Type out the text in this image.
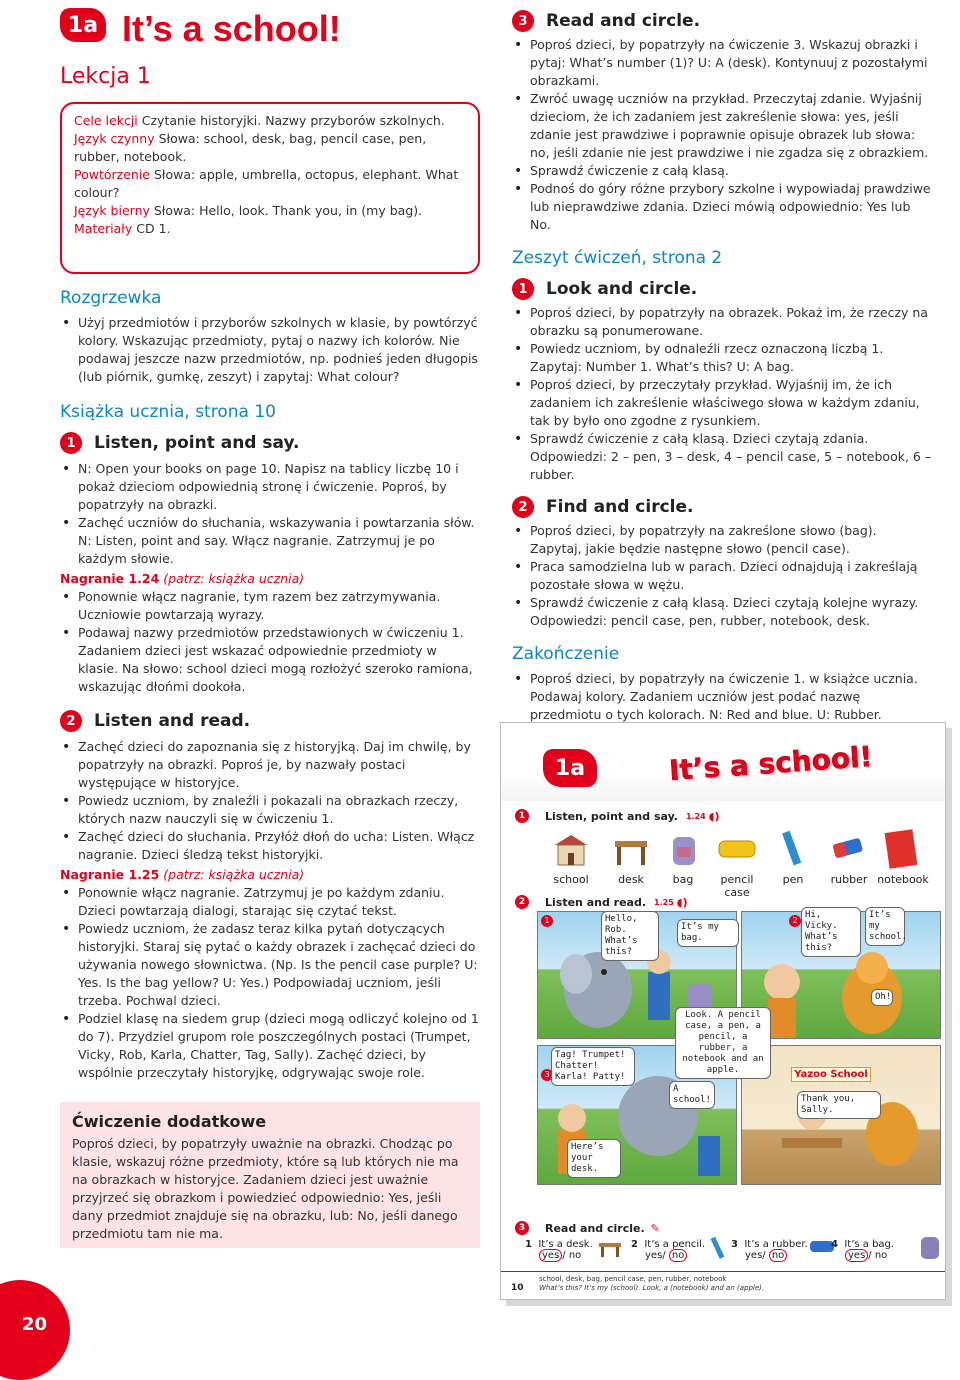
1a It’s a school!
Lekcja 1
Cele lekcji Czytanie historyjki. Nazwy przyborów szkolnych.
Język czynny Słowa: school, desk, bag, pencil case, pen, rubber, notebook.
Powtórzenie Słowa: apple, umbrella, octopus, elephant. What colour?
Język bierny Słowa: Hello, look. Thank you, in (my bag).
Materiały CD 1.
Rozgrzewka
• Użyj przedmiotów i przyborów szkolnych w klasie, by powtórzyć kolory. Wskazując przedmioty, pytaj o nazwy ich kolorów. Nie podawaj jeszcze nazw przedmiotów, np. podnieś jeden długopis (lub piórnik, gumkę, zeszyt) i zapytaj: What colour?
Książka ucznia, strona 10
1	Listen, point and say.
• N: Open your books on page 10. Napisz na tablicy liczbę 10 i pokaż dzieciom odpowiednią stronę i ćwiczenie. Poproś, by popatrzyły na obrazki.
• Zachęć uczniów do słuchania, wskazywania i powtarzania słów. N: Listen, point and say. Włącz nagranie. Zatrzymuj je po każdym słowie.
Nagranie 1.24 (patrz: książka ucznia)
• Ponownie włącz nagranie, tym razem bez zatrzymywania. Uczniowie powtarzają wyrazy.
• Podawaj nazwy przedmiotów przedstawionych w ćwiczeniu 1. Zadaniem dzieci jest wskazać odpowiednie przedmioty w klasie. Na słowo: school dzieci mogą rozłożyć szeroko ramiona, wskazując dłońmi dookoła.
2	Listen and read.
• Zachęć dzieci do zapoznania się z historyjką. Daj im chwilę, by popatrzyły na obrazki. Poproś je, by nazwały postaci występujące w historyjce.
• Powiedz uczniom, by znaleźli i pokazali na obrazkach rzeczy, których nazw nauczyli się w ćwiczeniu 1.
• Zachęć dzieci do słuchania. Przyłóż dłoń do ucha: Listen. Włącz nagranie. Dzieci śledzą tekst historyjki.
Nagranie 1.25 (patrz: książka ucznia)
• Ponownie włącz nagranie. Zatrzymuj je po każdym zdaniu. Dzieci powtarzają dialogi, starając się czytać tekst.
• Powiedz uczniom, że zadasz teraz kilka pytań dotyczących historyjki. Staraj się pytać o każdy obrazek i zachęcać dzieci do używania nowego słownictwa. (Np. Is the pencil case purple? U: Yes. Is the bag yellow? U: Yes.) Podpowiadaj uczniom, jeśli trzeba. Pochwal dzieci.
• Podziel klasę na siedem grup (dzieci mogą odliczyć kolejno od 1 do 7). Przydziel grupom role poszczególnych postaci (Trumpet, Vicky, Rob, Karla, Chatter, Tag, Sally). Zachęć dzieci, by wspólnie przeczytały historyjkę, odgrywając swoje role.
Ćwiczenie dodatkowe
Poproś dzieci, by popatrzyły uważnie na obrazki. Chodząc po klasie, wskazuj różne przedmioty, które są lub których nie ma na obrazkach w historyjce. Zadaniem dzieci jest uważnie przyjrzeć się obrazkom i powiedzieć odpowiednio: Yes, jeśli dany przedmiot znajduje się na obrazku, lub: No, jeśli danego przedmiotu tam nie ma.
20
3	Read and circle.
• Poproś dzieci, by popatrzyły na ćwiczenie 3. Wskazuj obrazki i pytaj: What’s number (1)? U: A (desk). Kontynuuj z pozostałymi obrazkami.
• Zwróć uwagę uczniów na przykład. Przeczytaj zdanie. Wyjaśnij dzieciom, że ich zadaniem jest zakreślenie słowa: yes, jeśli zdanie jest prawdziwe i poprawnie opisuje obrazek lub słowa: no, jeśli zdanie nie jest prawdziwe i nie zgadza się z obrazkiem.
• Sprawdź ćwiczenie z całą klasą.
• Podnoś do góry różne przybory szkolne i wypowiadaj prawdziwe lub nieprawdziwe zdania. Dzieci mówią odpowiednio: Yes lub No.
Zeszyt ćwiczeń, strona 2
1	Look and circle.
• Poproś dzieci, by popatrzyły na obrazek. Pokaż im, że rzeczy na obrazku są ponumerowane.
• Powiedz uczniom, by odnaleźli rzecz oznaczoną liczbą 1. Zapytaj: Number 1. What’s this? U: A bag.
• Poproś dzieci, by przeczytały przykład. Wyjaśnij im, że ich zadaniem ich zakreślenie właściwego słowa w każdym zdaniu, tak by było ono zgodne z rysunkiem.
• Sprawdź ćwiczenie z całą klasą. Dzieci czytają zdania. Odpowiedzi: 2 – pen, 3 – desk, 4 – pencil case, 5 – notebook, 6 – rubber.
2	Find and circle.
• Poproś dzieci, by popatrzyły na zakreślone słowo (bag). Zapytaj, jakie będzie następne słowo (pencil case).
• Praca samodzielna lub w parach. Dzieci odnajdują i zakreślają pozostałe słowa w wężu.
• Sprawdź ćwiczenie z całą klasą. Dzieci czytają kolejne wyrazy. Odpowiedzi: pencil case, pen, rubber, notebook, desk.
Zakończenie
• Poproś dzieci, by popatrzyły na ćwiczenie 1. w książce ucznia. Podawaj kolory. Zadaniem uczniów jest podać nazwę przedmiotu o tych kolorach. N: Red and blue. U: Rubber.
•
1a	It’s a school!
1	Listen, point and say. 1.24 ◖)
school	desk	bag	pencil case
pen	rubber notebook
2	Listen and read. 1.25 ◖)
1	2
3
Hello, Rob. What’s this?
It’s my bag.
Hi, Vicky. What’s this?
It’s my school.
Oh!
Look. A pencil case, a pen, a pencil, a rubber, a notebook and an apple.
Tag! Trumpet! Chatter! Karla! Patty!
A school!
Yazoo School
Thank you, Sally.
Here’s your desk.
3	Read and circle. ✎
1 It’s a desk.
yes / no
2 It’s a pencil.
yes/ no
3 It’s a rubber.
yes/ no
4 It’s a bag.
yes / no
10
school, desk, bag, pencil case, pen, rubber, notebook
What’s this? It’s my (school). Look, a (notebook) and an (apple).
